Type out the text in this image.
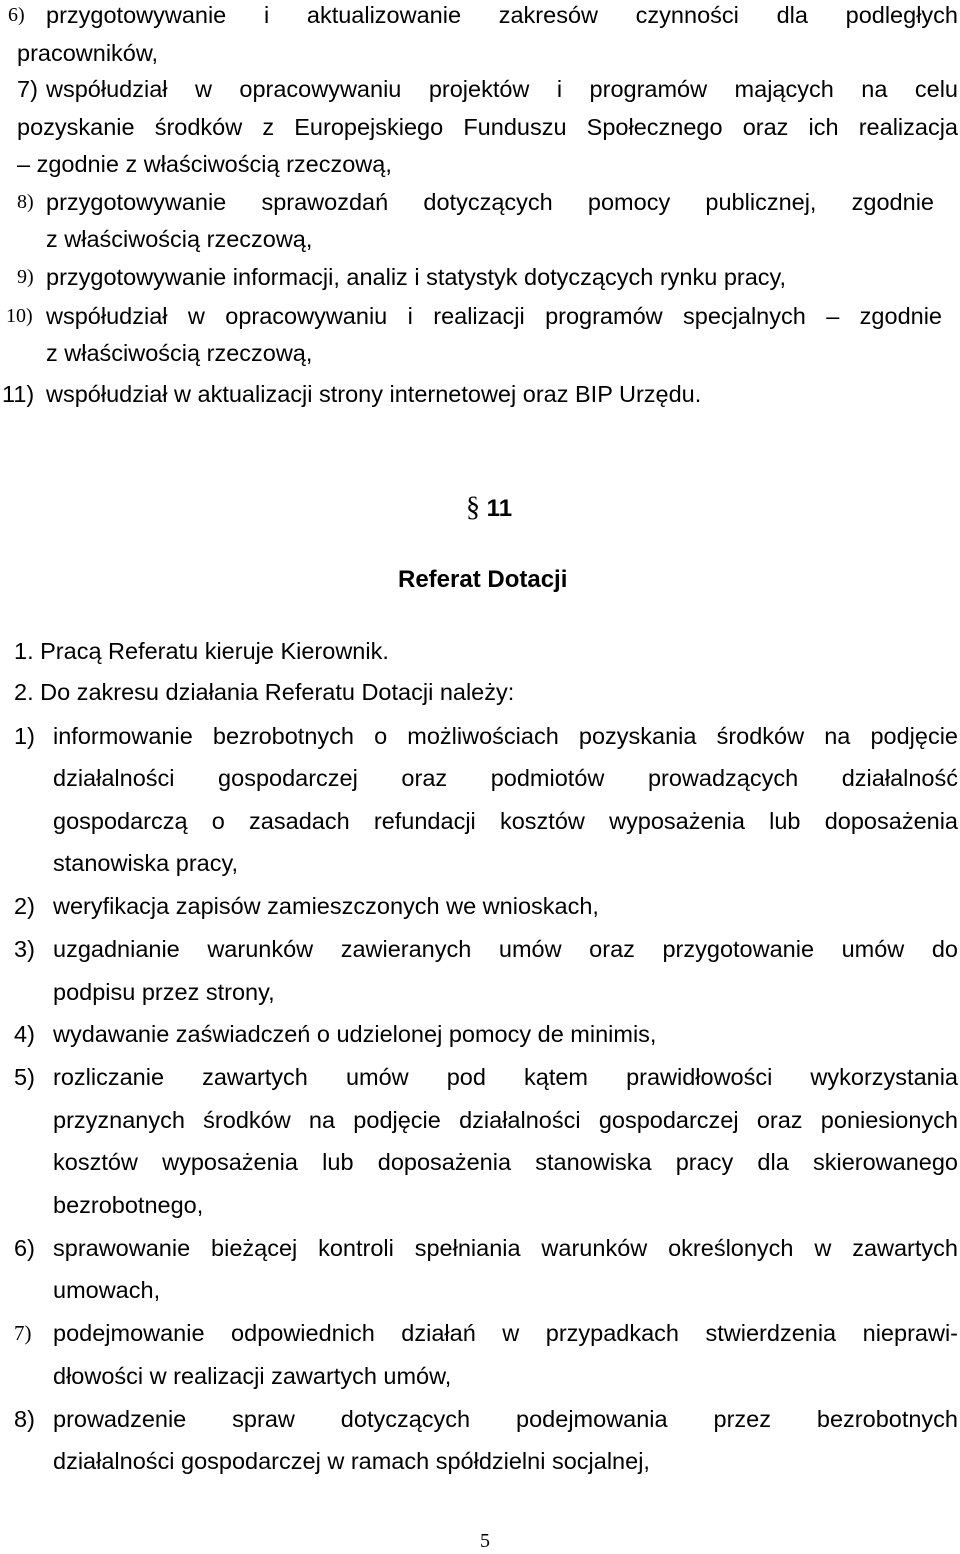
6) przygotowywanie i aktualizowanie zakresów czynności dla podległych
pracowników,
7) współudział w opracowywaniu projektów i programów mających na celu
pozyskanie środków z Europejskiego Funduszu Społecznego oraz ich realizacja
– zgodnie z właściwością rzeczową,
8) przygotowywanie sprawozdań dotyczących pomocy publicznej, zgodnie
z właściwością rzeczową,
9) przygotowywanie informacji, analiz i statystyk dotyczących rynku pracy,
10) współudział w opracowywaniu i realizacji programów specjalnych – zgodnie
z właściwością rzeczową,
11) współudział w aktualizacji strony internetowej oraz BIP Urzędu.
§ 11
Referat Dotacji
1. Pracą Referatu kieruje Kierownik.
2. Do zakresu działania Referatu Dotacji należy:
1) informowanie bezrobotnych o możliwościach pozyskania środków na podjęcie
działalności gospodarczej oraz podmiotów prowadzących działalność
gospodarczą o zasadach refundacji kosztów wyposażenia lub doposażenia
stanowiska pracy,
2) weryfikacja zapisów zamieszczonych we wnioskach,
3) uzgadnianie warunków zawieranych umów oraz przygotowanie umów do
podpisu przez strony,
4) wydawanie zaświadczeń o udzielonej pomocy de minimis,
5) rozliczanie zawartych umów pod kątem prawidłowości wykorzystania
przyznanych środków na podjęcie działalności gospodarczej oraz poniesionych
kosztów wyposażenia lub doposażenia stanowiska pracy dla skierowanego
bezrobotnego,
6) sprawowanie bieżącej kontroli spełniania warunków określonych w zawartych
umowach,
7) podejmowanie odpowiednich działań w przypadkach stwierdzenia nieprawi-
dłowości w realizacji zawartych umów,
8) prowadzenie spraw dotyczących podejmowania przez bezrobotnych
działalności gospodarczej w ramach spółdzielni socjalnej,
5
